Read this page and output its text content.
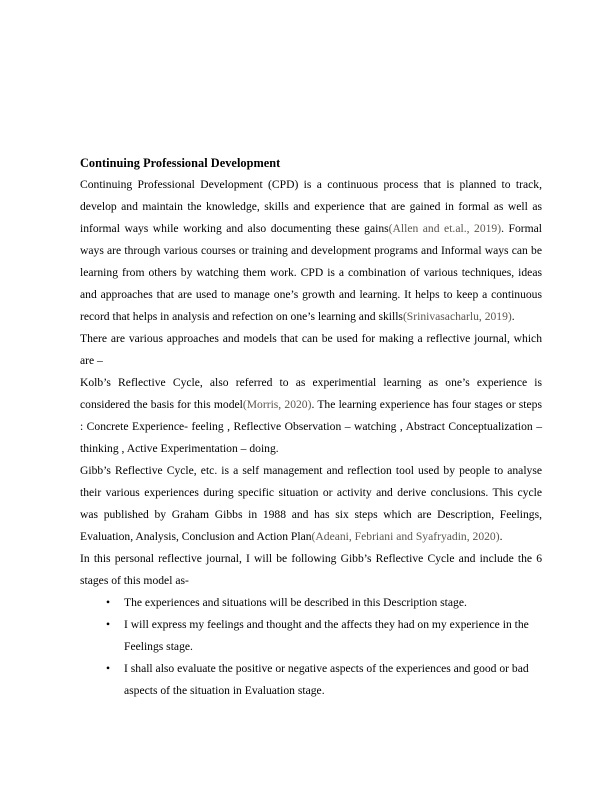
Continuing Professional Development

Continuing Professional Development (CPD) is a continuous process that is planned to track, develop and maintain the knowledge, skills and experience that are gained in formal as well as informal ways while working and also documenting these gains(Allen and et.al., 2019). Formal ways are through various courses or training and development programs and Informal ways can be learning from others by watching them work. CPD is a combination of various techniques, ideas and approaches that are used to manage one’s growth and learning. It helps to keep a continuous record that helps in analysis and refection on one’s learning and skills(Srinivasacharlu, 2019).

There are various approaches and models that can be used for making a reflective journal, which are –

Kolb’s Reflective Cycle, also referred to as experimential learning as one’s experience is considered the basis for this model(Morris, 2020). The learning experience has four stages or steps : Concrete Experience- feeling , Reflective Observation – watching , Abstract Conceptualization – thinking , Active Experimentation – doing.

Gibb’s Reflective Cycle, etc. is a self management and reflection tool used by people to analyse their various experiences during specific situation or activity and derive conclusions. This cycle was published by Graham Gibbs in 1988 and has six steps which are Description, Feelings, Evaluation, Analysis, Conclusion and Action Plan(Adeani, Febriani and Syafryadin, 2020).

In this personal reflective journal, I will be following Gibb’s Reflective Cycle and include the 6 stages of this model as-

• The experiences and situations will be described in this Description stage.
• I will express my feelings and thought and the affects they had on my experience in the Feelings stage.
• I shall also evaluate the positive or negative aspects of the experiences and good or bad aspects of the situation in Evaluation stage.
